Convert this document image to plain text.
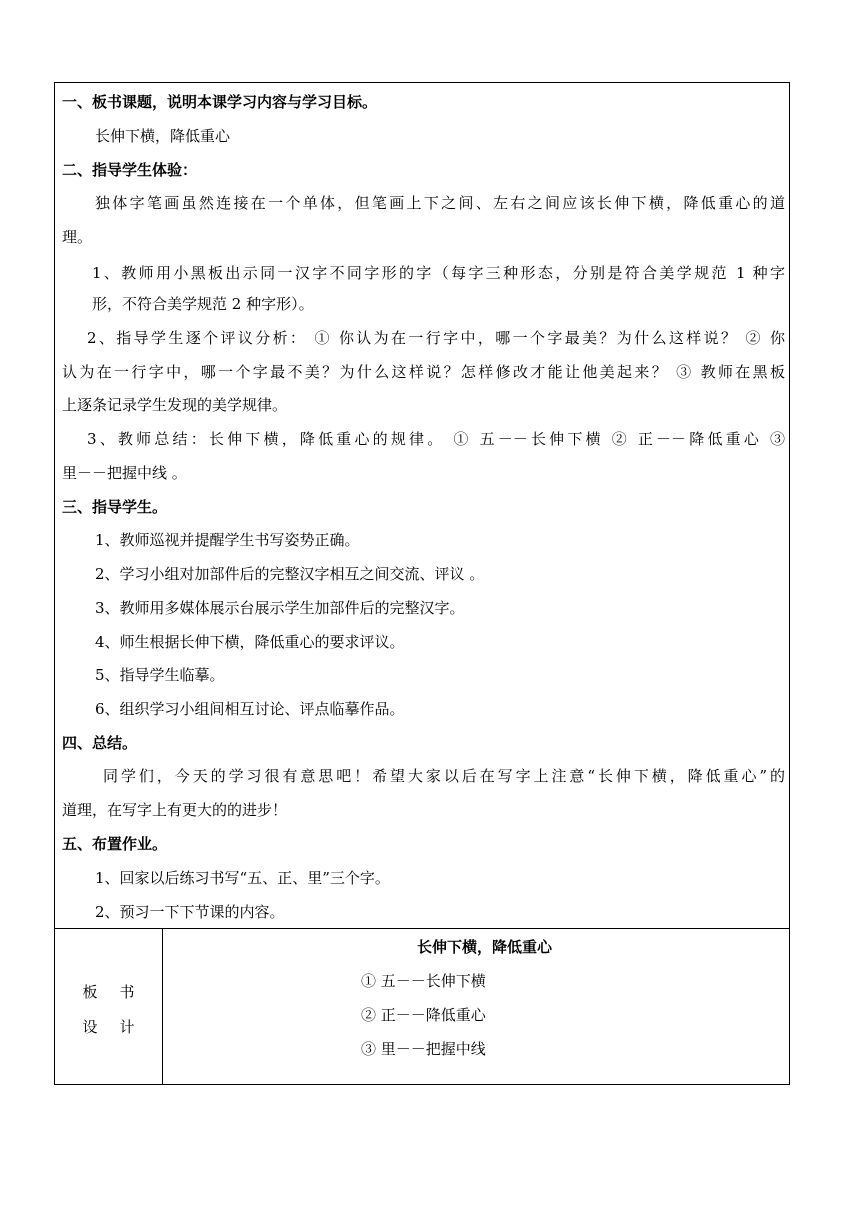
一、板书课题，说明本课学习内容与学习目标。
长伸下横，降低重心
二、指导学生体验：
独体字笔画虽然连接在一个单体，但笔画上下之间、左右之间应该长伸下横，降低重心的道
理。
1、教师用小黑板出示同一汉字不同字形的字（每字三种形态，分别是符合美学规范 1 种字
形，不符合美学规范 2 种字形）。
2、指导学生逐个评议分析： ① 你认为在一行字中，哪一个字最美？为什么这样说？ ② 你
认为在一行字中，哪一个字最不美？为什么这样说？怎样修改才能让他美起来？ ③ 教师在黑板
上逐条记录学生发现的美学规律。
3、教师总结：长伸下横，降低重心的规律。 ① 五－－长伸下横 ② 正－－降低重心 ③
里－－把握中线 。
三、指导学生。
1、教师巡视并提醒学生书写姿势正确。
2、学习小组对加部件后的完整汉字相互之间交流、评议 。
3、教师用多媒体展示台展示学生加部件后的完整汉字。
4、师生根据长伸下横，降低重心的要求评议。
5、指导学生临摹。
6、组织学习小组间相互讨论、评点临摹作品。
四、总结。
同学们，今天的学习很有意思吧！希望大家以后在写字上注意“长伸下横，降低重心”的
道理，在写字上有更大的的进步！
五、布置作业。
1、回家以后练习书写“五、正、里”三个字。
2、预习一下下节课的内容。
板书
设计
长伸下横，降低重心
① 五－－长伸下横
② 正－－降低重心
③ 里－－把握中线
